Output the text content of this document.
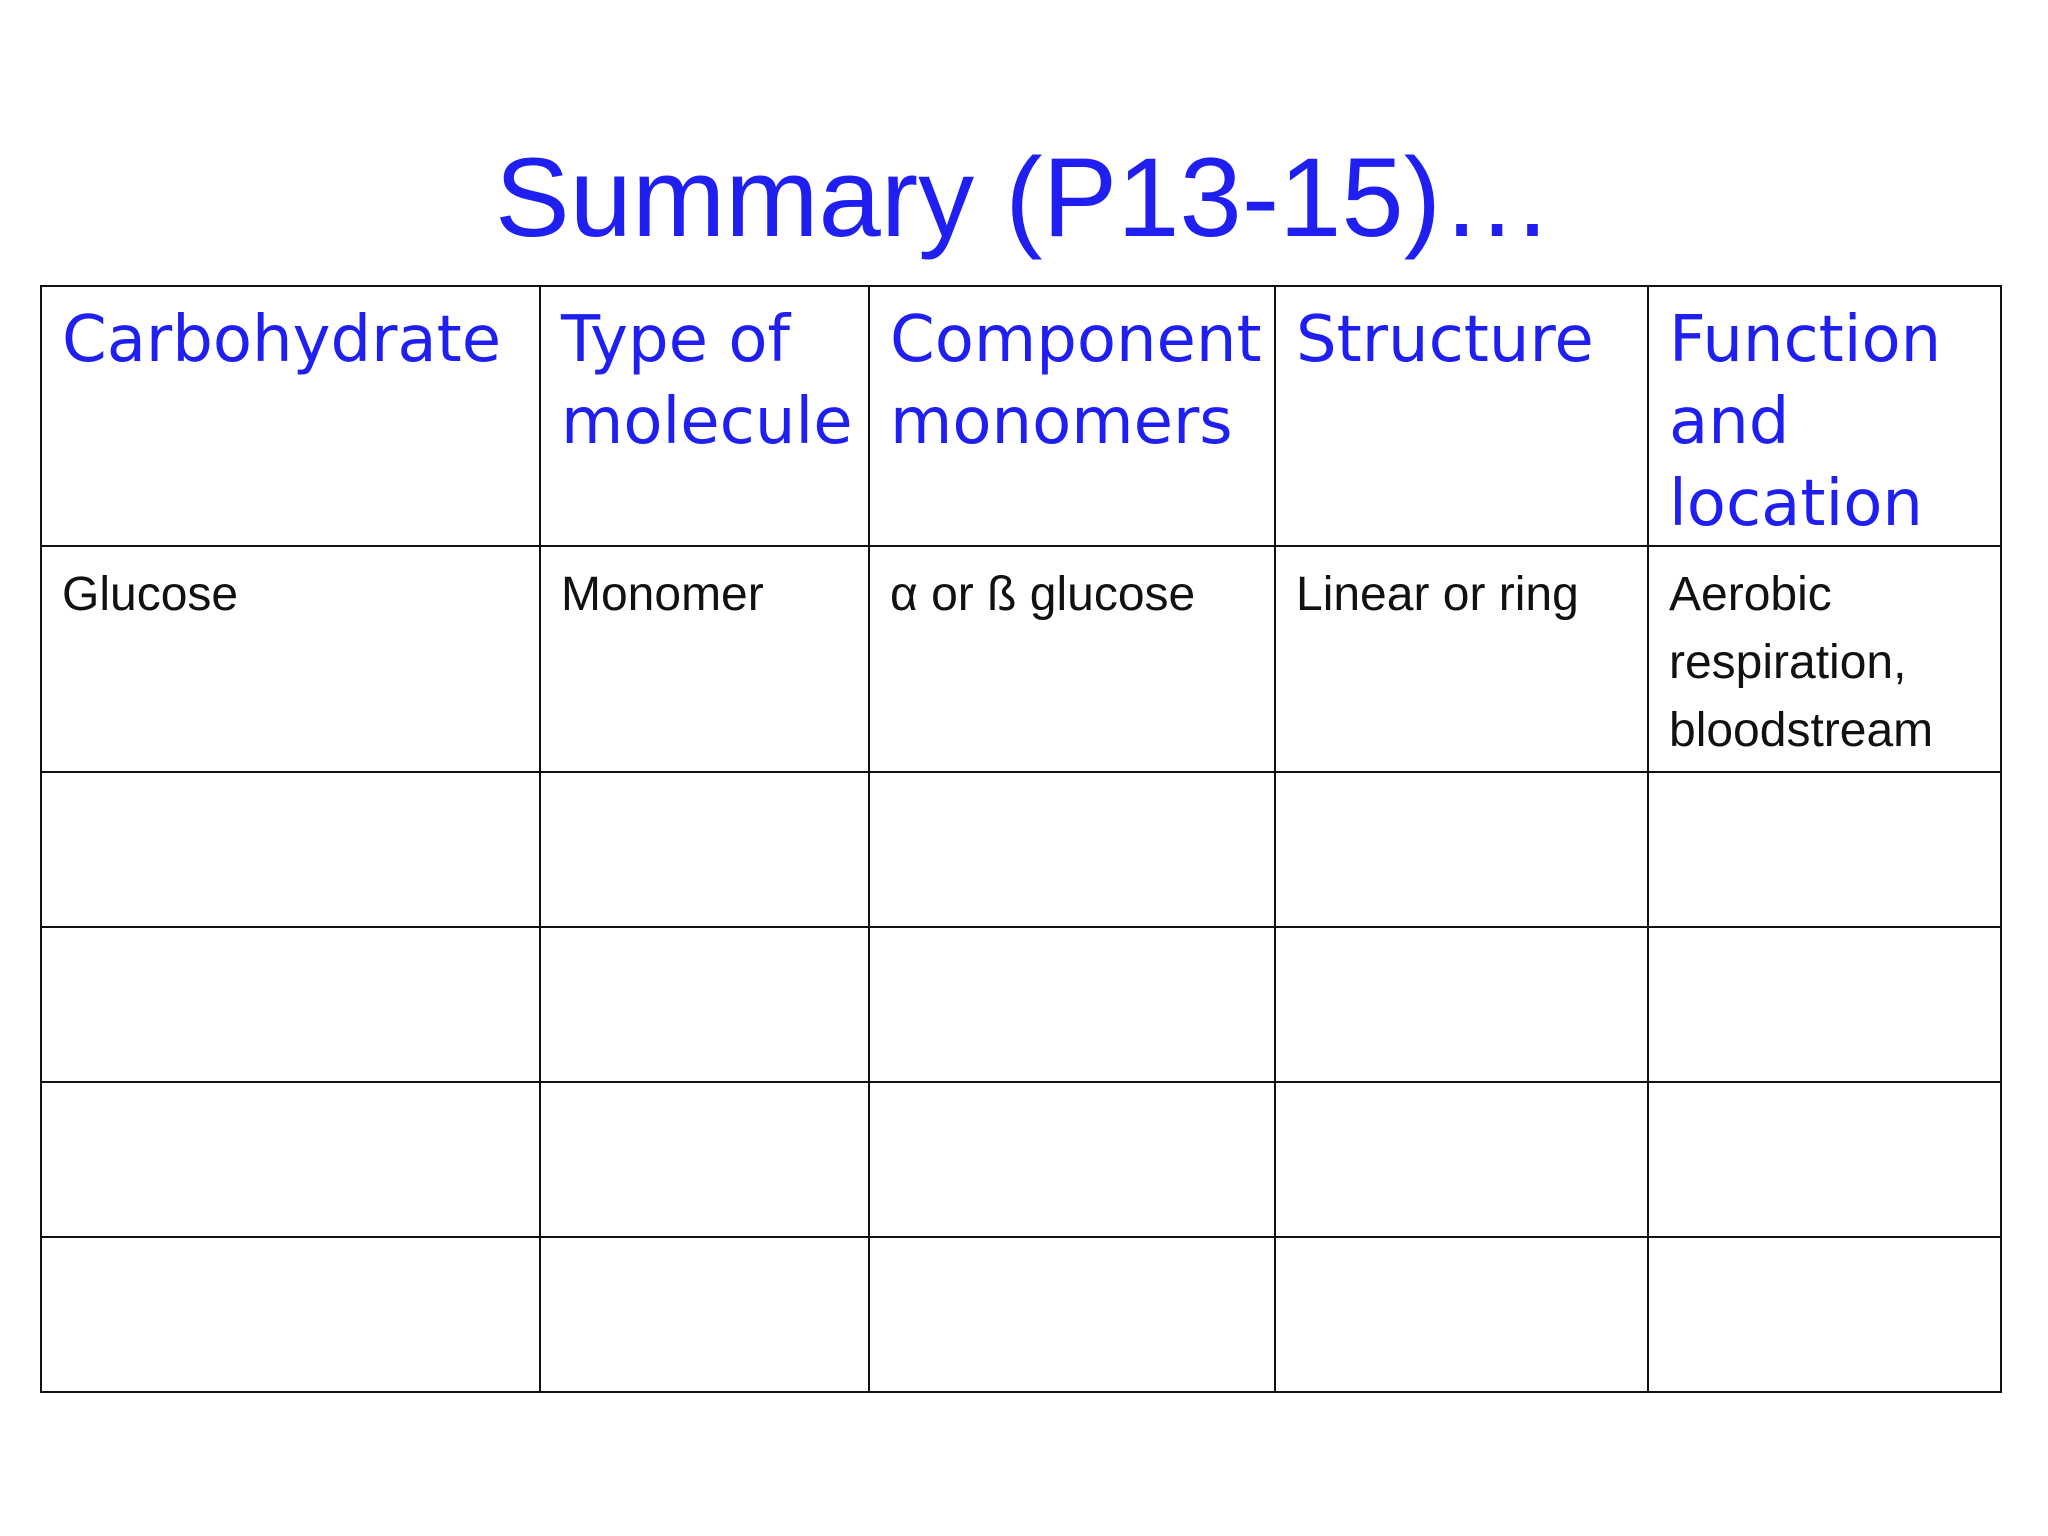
Summary (P13-15)…
Carbohydrate	Type of molecule	Component monomers	Structure	Function and location
Glucose	Monomer	α or ß glucose	Linear or ring	Aerobic respiration, bloodstream
